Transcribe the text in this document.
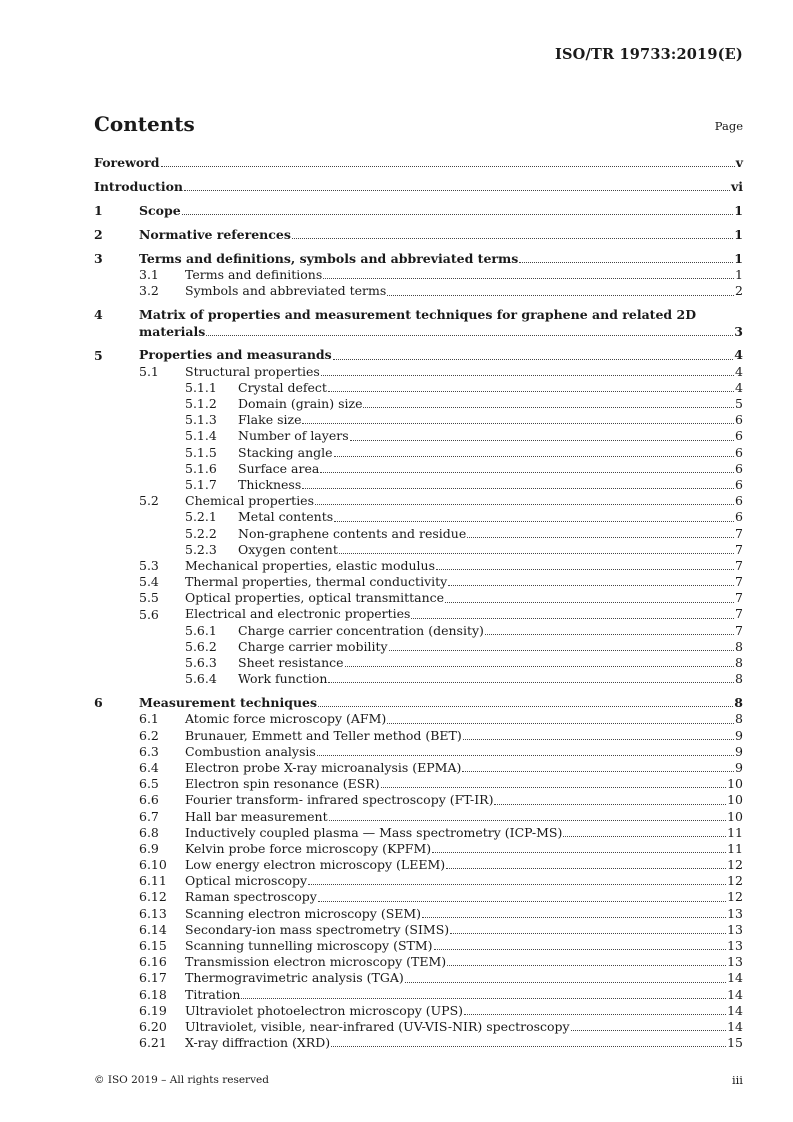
ISO/TR 19733:2019(E)
Contents	Page
Foreword	v
Introduction	vi
1	Scope	1
2	Normative references	1
3	Terms and definitions, symbols and abbreviated terms	1
3.1 Terms and definitions	1
3.2 Symbols and abbreviated terms	2
4	Matrix of properties and measurement techniques for graphene and related 2D
materials	3
5	Properties and measurands	4
5.1 Structural properties	4
5.1.1 Crystal defect	4
5.1.2 Domain (grain) size	5
5.1.3 Flake size	6
5.1.4 Number of layers	6
5.1.5 Stacking angle	6
5.1.6 Surface area	6
5.1.7 Thickness	6
5.2 Chemical properties	6
5.2.1 Metal contents	6
5.2.2 Non-graphene contents and residue	7
5.2.3 Oxygen content	7
5.3 Mechanical properties, elastic modulus	7
5.4 Thermal properties, thermal conductivity	7
5.5 Optical properties, optical transmittance	7
5.6 Electrical and electronic properties	7
5.6.1 Charge carrier concentration (density)	7
5.6.2 Charge carrier mobility	8
5.6.3 Sheet resistance	8
5.6.4 Work function	8
6	Measurement techniques	8
6.1 Atomic force microscopy (AFM)	8
6.2 Brunauer, Emmett and Teller method (BET)	9
6.3 Combustion analysis	9
6.4 Electron probe X-ray microanalysis (EPMA)	9
6.5 Electron spin resonance (ESR)	10
6.6 Fourier transform- infrared spectroscopy (FT-IR)	10
6.7 Hall bar measurement	10
6.8 Inductively coupled plasma — Mass spectrometry (ICP-MS)	11
6.9 Kelvin probe force microscopy (KPFM)	11
6.10 Low energy electron microscopy (LEEM)	12
6.11 Optical microscopy	12
6.12 Raman spectroscopy	12
6.13 Scanning electron microscopy (SEM)	13
6.14 Secondary-ion mass spectrometry (SIMS)	13
6.15 Scanning tunnelling microscopy (STM)	13
6.16 Transmission electron microscopy (TEM)	13
6.17 Thermogravimetric analysis (TGA)	14
6.18 Titration	14
6.19 Ultraviolet photoelectron microscopy (UPS)	14
6.20 Ultraviolet, visible, near-infrared (UV-VIS-NIR) spectroscopy	14
6.21 X-ray diffraction (XRD)	15
© ISO 2019 – All rights reserved	iii
